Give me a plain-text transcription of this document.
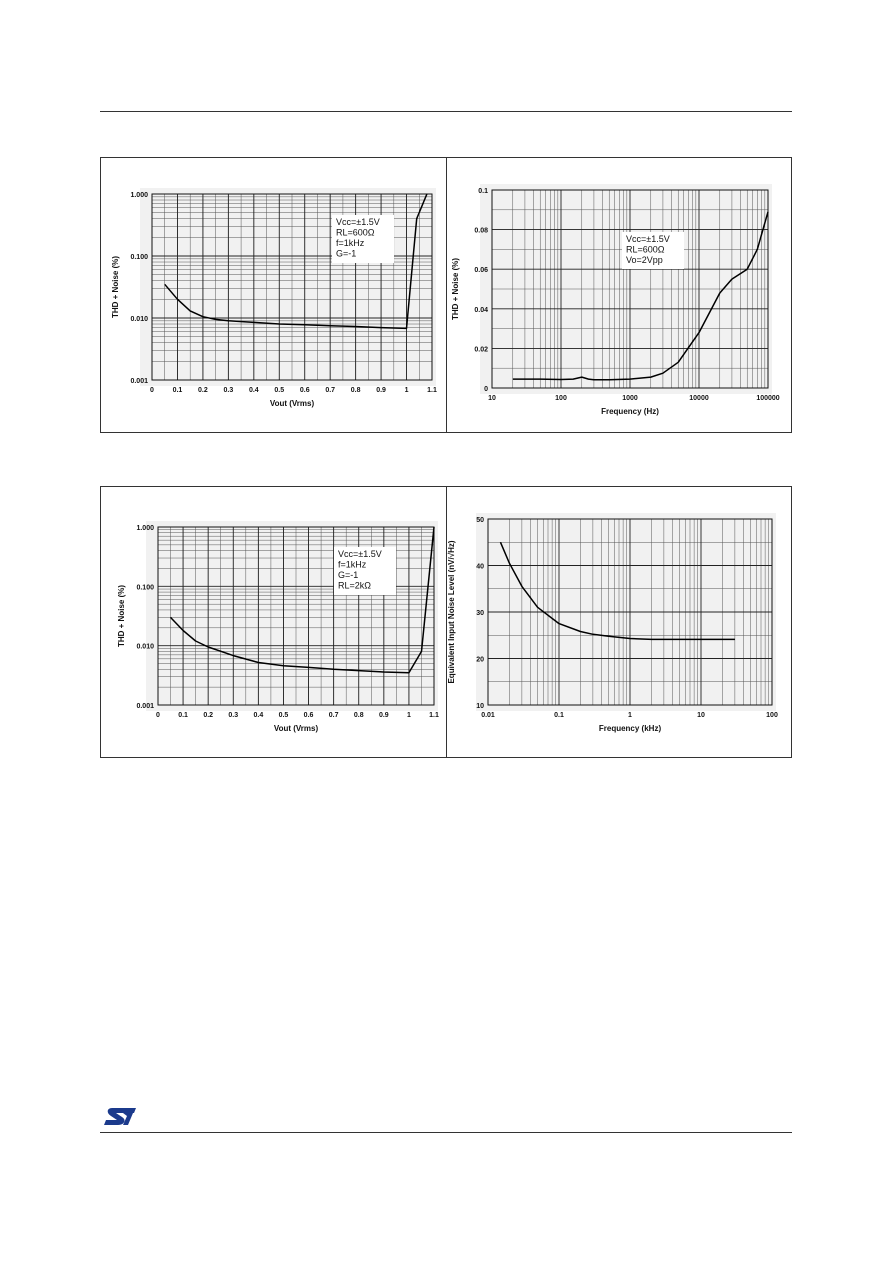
0	0.1 0.2 0.3 0.4 0.5 0.6 0.7 0.8 0.9	1	1.1
0.001
0.010
0.100
1.000
Vout (Vrms)
THD + Noise (%)
Vcc=±1.5V
RL=600Ω
f=1kHz
G=-1
10	100	1000	10000	100000
0
0.02
0.04
0.06
0.08
0.1
Frequency (Hz)
THD + Noise (%)
Vcc=±1.5V
RL=600Ω
Vo=2Vpp
0	0.1 0.2 0.3 0.4 0.5 0.6 0.7 0.8 0.9	1	1.1
0.001
0.010
0.100
1.000
Vout (Vrms)
THD + Noise (%)
Vcc=±1.5V
f=1kHz
G=-1
RL=2kΩ
0.01	0.1	1	10	100
10
20
30
40
50
Frequency (kHz)
Equivalent Input Noise Level (nV/√Hz)
